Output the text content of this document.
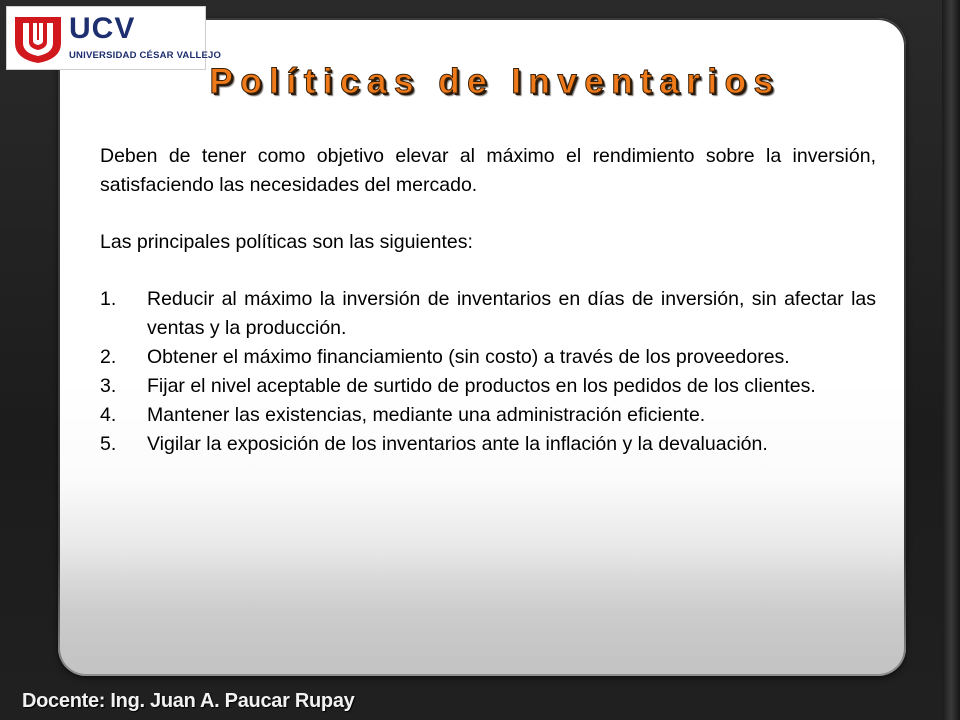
UCV
UNIVERSIDAD CÉSAR VALLEJO
Políticas de Inventarios

Deben de tener como objetivo elevar al máximo el rendimiento sobre la inversión, satisfaciendo las necesidades del mercado.

Las principales políticas son las siguientes:

1. Reducir al máximo la inversión de inventarios en días de inversión, sin afectar las ventas y la producción.
2. Obtener el máximo financiamiento (sin costo) a través de los proveedores.
3. Fijar el nivel aceptable de surtido de productos en los pedidos de los clientes.
4. Mantener las existencias, mediante una administración eficiente.
5. Vigilar la exposición de los inventarios ante la inflación y la devaluación.
Docente: Ing. Juan A. Paucar Rupay
